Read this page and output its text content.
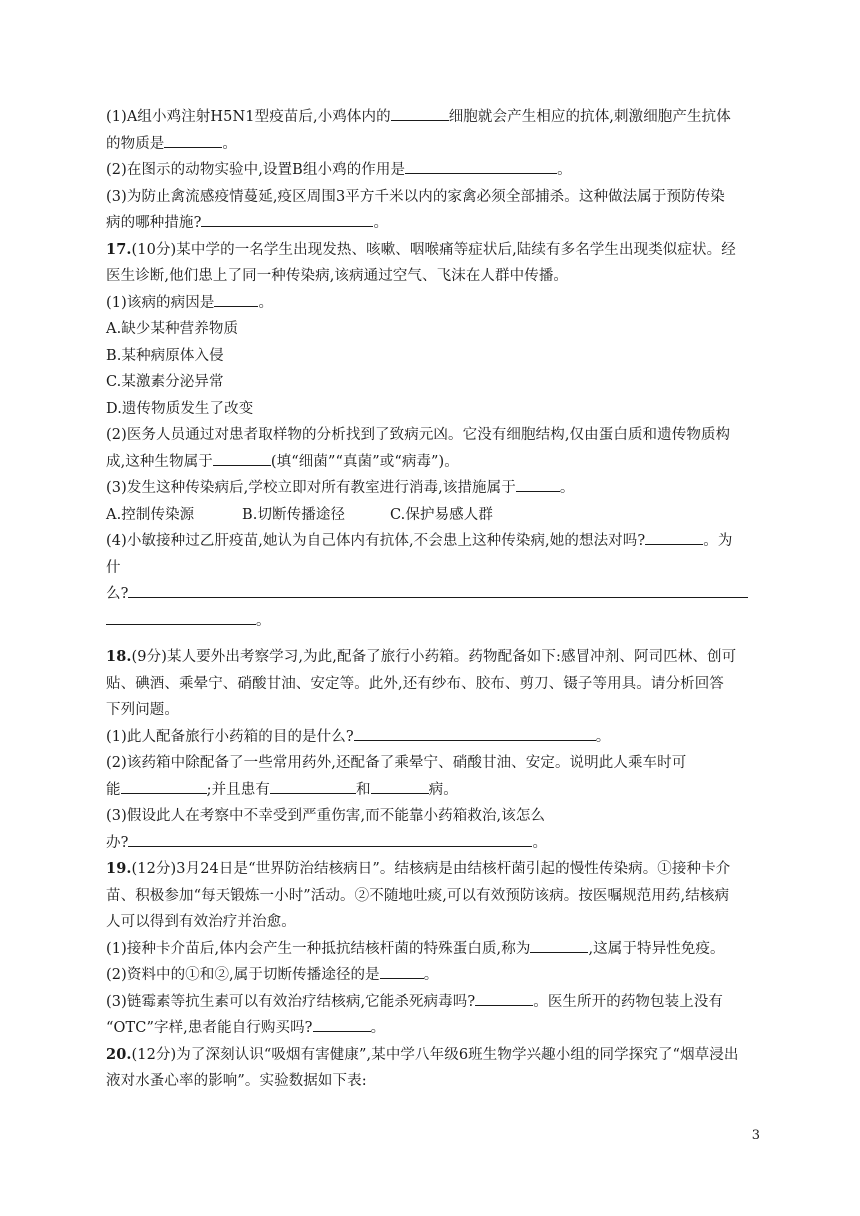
(1)A组小鸡注射H5N1型疫苗后,小鸡体内的	细胞就会产生相应的抗体,刺激细胞产生抗体
的物质是	。
(2)在图示的动物实验中,设置B组小鸡的作用是	。
(3)为防止禽流感疫情蔓延,疫区周围3平方千米以内的家禽必须全部捕杀。这种做法属于预防传染
病的哪种措施?	。
17.(10分)某中学的一名学生出现发热、咳嗽、咽喉痛等症状后,陆续有多名学生出现类似症状。经
医生诊断,他们患上了同一种传染病,该病通过空气、飞沫在人群中传播。
(1)该病的病因是	。
A.缺少某种营养物质
B.某种病原体入侵
C.某激素分泌异常
D.遗传物质发生了改变
(2)医务人员通过对患者取样物的分析找到了致病元凶。它没有细胞结构,仅由蛋白质和遗传物质构
成,这种生物属于	(填“细菌”“真菌”或“病毒”)。
(3)发生这种传染病后,学校立即对所有教室进行消毒,该措施属于	。
A.控制传染源	B.切断传播途径	C.保护易感人群
(4)小敏接种过乙肝疫苗,她认为自己体内有抗体,不会患上这种传染病,她的想法对吗?	。为
什
么?
。
18.(9分)某人要外出考察学习,为此,配备了旅行小药箱。药物配备如下:感冒冲剂、阿司匹林、创可
贴、碘酒、乘晕宁、硝酸甘油、安定等。此外,还有纱布、胶布、剪刀、镊子等用具。请分析回答
下列问题。
(1)此人配备旅行小药箱的目的是什么?	。
(2)该药箱中除配备了一些常用药外,还配备了乘晕宁、硝酸甘油、安定。说明此人乘车时可
能	;并且患有	和	病。
(3)假设此人在考察中不幸受到严重伤害,而不能靠小药箱救治,该怎么
办?	。
19.(12分)3月24日是“世界防治结核病日”。结核病是由结核杆菌引起的慢性传染病。①接种卡介
苗、积极参加“每天锻炼一小时”活动。②不随地吐痰,可以有效预防该病。按医嘱规范用药,结核病
人可以得到有效治疗并治愈。
(1)接种卡介苗后,体内会产生一种抵抗结核杆菌的特殊蛋白质,称为	,这属于特异性免疫。
(2)资料中的①和②,属于切断传播途径的是	。
(3)链霉素等抗生素可以有效治疗结核病,它能杀死病毒吗?	。医生所开的药物包装上没有
“OTC”字样,患者能自行购买吗?	。
20.(12分)为了深刻认识“吸烟有害健康”,某中学八年级6班生物学兴趣小组的同学探究了“烟草浸出
液对水蚤心率的影响”。实验数据如下表:
3
